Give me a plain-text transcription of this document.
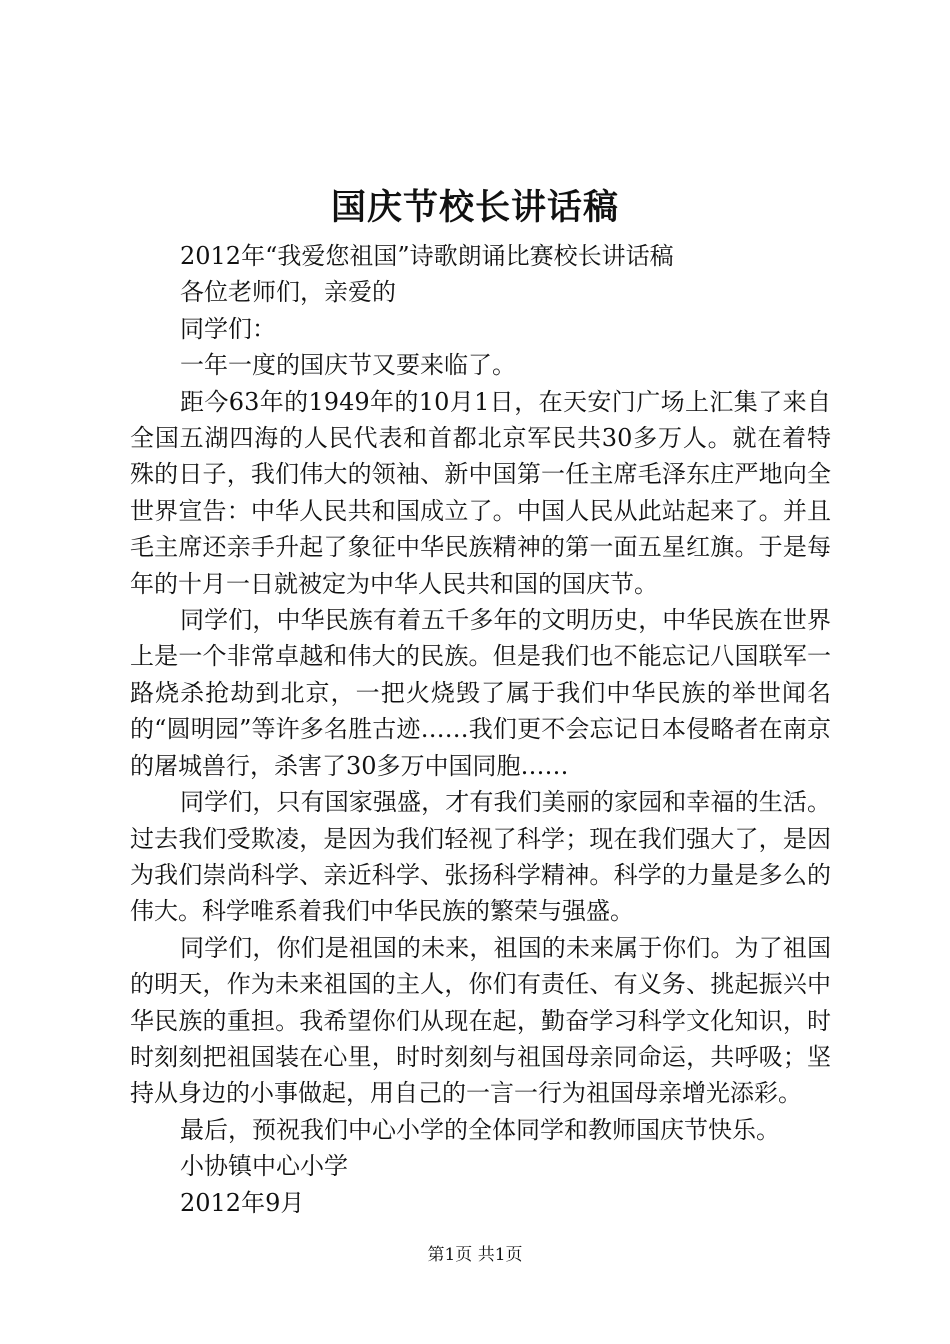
国庆节校长讲话稿

2012年“我爱您祖国”诗歌朗诵比赛校长讲话稿

各位老师们，亲爱的

同学们：

一年一度的国庆节又要来临了。

距今63年的1949年的10月1日，在天安门广场上汇集了来自全国五湖四海的人民代表和首都北京军民共30多万人。就在着特殊的日子，我们伟大的领袖、新中国第一任主席毛泽东庄严地向全世界宣告：中华人民共和国成立了。中国人民从此站起来了。并且毛主席还亲手升起了象征中华民族精神的第一面五星红旗。于是每年的十月一日就被定为中华人民共和国的国庆节。

同学们，中华民族有着五千多年的文明历史，中华民族在世界上是一个非常卓越和伟大的民族。但是我们也不能忘记八国联军一路烧杀抢劫到北京，一把火烧毁了属于我们中华民族的举世闻名的“圆明园”等许多名胜古迹……我们更不会忘记日本侵略者在南京的屠城兽行，杀害了30多万中国同胞……

同学们，只有国家强盛，才有我们美丽的家园和幸福的生活。过去我们受欺凌，是因为我们轻视了科学；现在我们强大了，是因为我们崇尚科学、亲近科学、张扬科学精神。科学的力量是多么的伟大。科学唯系着我们中华民族的繁荣与强盛。

同学们，你们是祖国的未来，祖国的未来属于你们。为了祖国的明天，作为未来祖国的主人，你们有责任、有义务、挑起振兴中华民族的重担。我希望你们从现在起，勤奋学习科学文化知识，时时刻刻把祖国装在心里，时时刻刻与祖国母亲同命运，共呼吸；坚持从身边的小事做起，用自己的一言一行为祖国母亲增光添彩。

最后，预祝我们中心小学的全体同学和教师国庆节快乐。

小协镇中心小学

2012年9月

第1页 共1页
